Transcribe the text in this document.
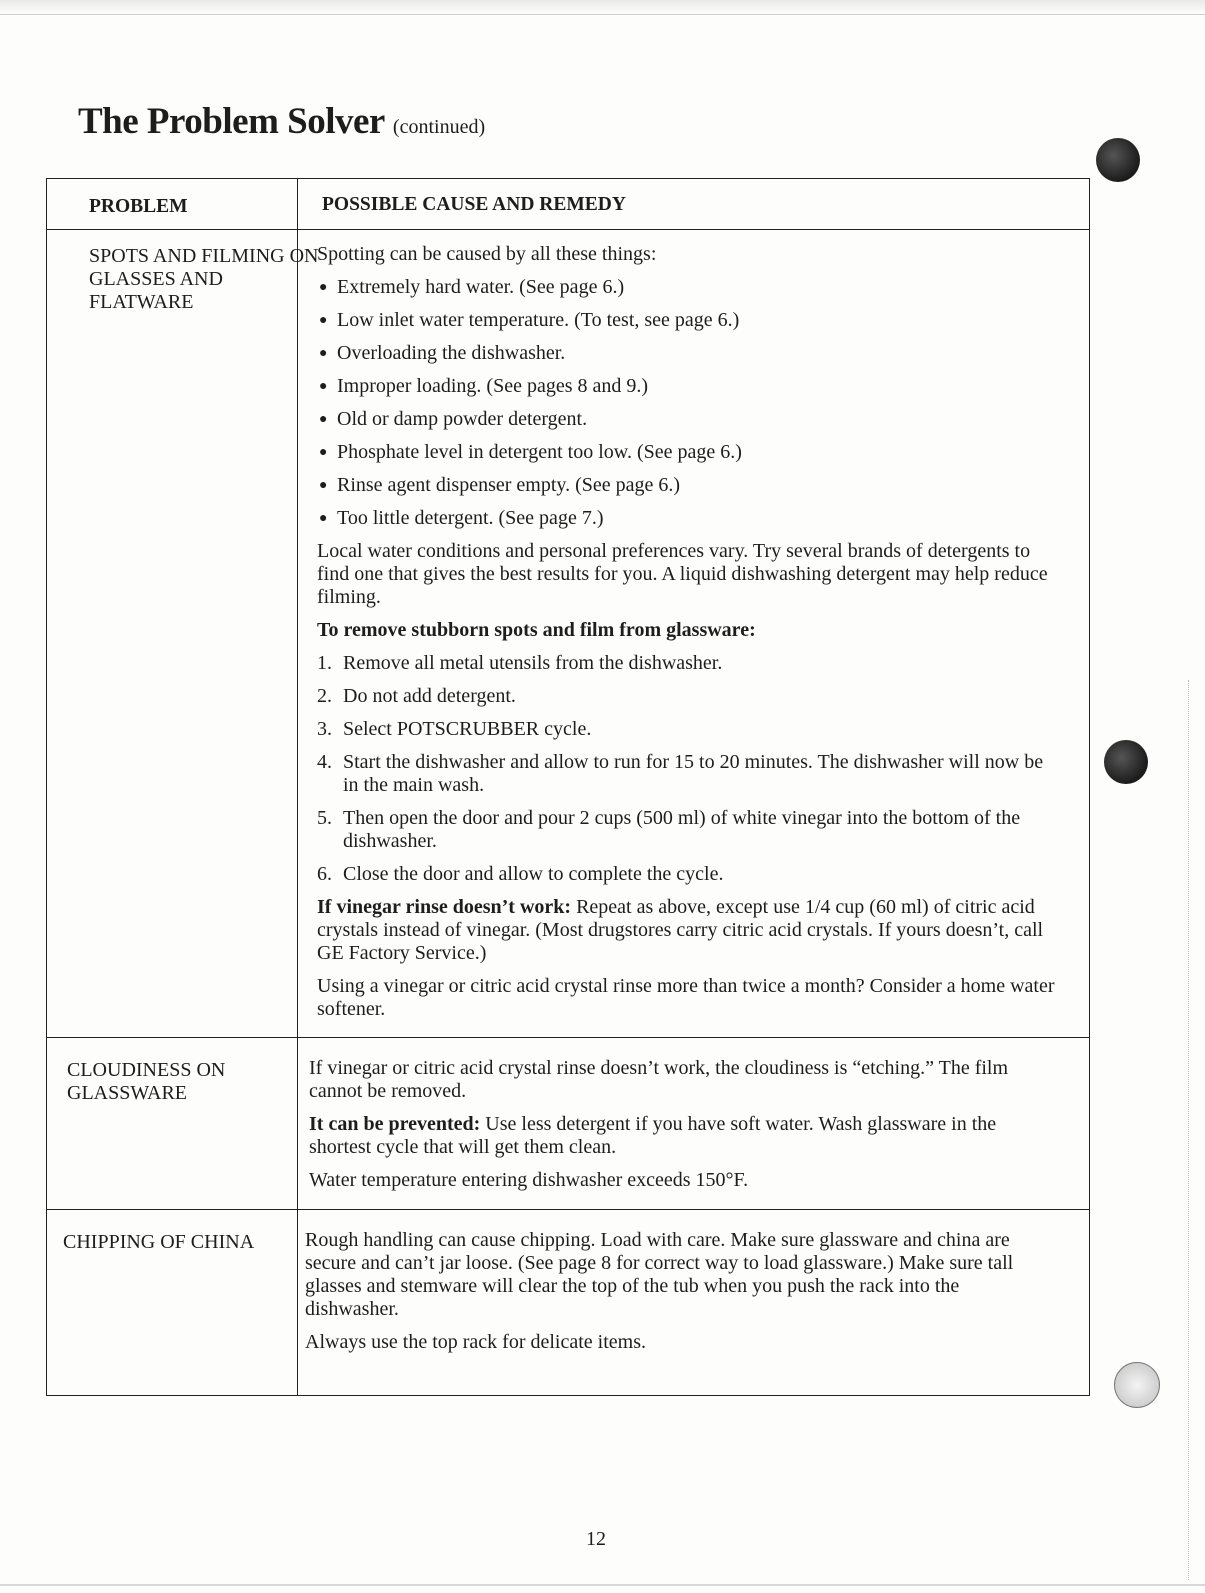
The Problem Solver (continued)
PROBLEM	POSSIBLE CAUSE AND REMEDY
SPOTS AND FILMING ON GLASSES AND FLATWARE

Spotting can be caused by all these things:

● Extremely hard water. (See page 6.)
● Low inlet water temperature. (To test, see page 6.)
● Overloading the dishwasher.
● Improper loading. (See pages 8 and 9.)
● Old or damp powder detergent.
● Phosphate level in detergent too low. (See page 6.)
● Rinse agent dispenser empty. (See page 6.)
● Too little detergent. (See page 7.)

Local water conditions and personal preferences vary. Try several brands of detergents to find one that gives the best results for you. A liquid dishwashing detergent may help reduce filming.

To remove stubborn spots and film from glassware:

1. Remove all metal utensils from the dishwasher.
2. Do not add detergent.
3. Select POTSCRUBBER cycle.
4. Start the dishwasher and allow to run for 15 to 20 minutes. The dishwasher will now be in the main wash.
5. Then open the door and pour 2 cups (500 ml) of white vinegar into the bottom of the dishwasher.
6. Close the door and allow to complete the cycle.

If vinegar rinse doesn’t work: Repeat as above, except use 1/4 cup (60 ml) of citric acid crystals instead of vinegar. (Most drugstores carry citric acid crystals. If yours doesn’t, call GE Factory Service.)

Using a vinegar or citric acid crystal rinse more than twice a month? Consider a home water softener.

CLOUDINESS ON GLASSWARE

If vinegar or citric acid crystal rinse doesn’t work, the cloudiness is “etching.” The film cannot be removed.

It can be prevented: Use less detergent if you have soft water. Wash glassware in the shortest cycle that will get them clean.

Water temperature entering dishwasher exceeds 150°F.

CHIPPING OF CHINA	Rough handling can cause chipping. Load with care. Make sure glassware and china are secure and can’t jar loose. (See page 8 for correct way to load glassware.) Make sure tall glasses and stemware will clear the top of the tub when you push the rack into the dishwasher.

Always use the top rack for delicate items.

12
